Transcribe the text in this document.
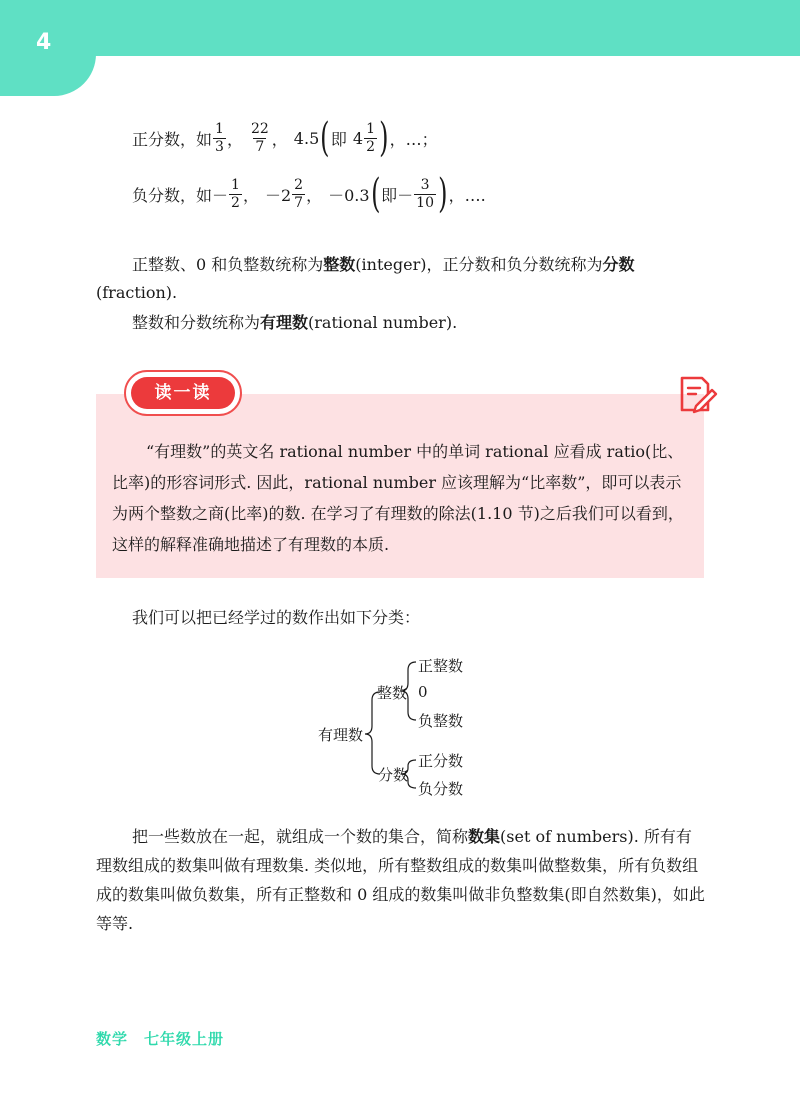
4
正分数，如 $\frac{1}{3}$ ， $\frac{22}{7}$ ， 4.5 ( 即 $4 \frac{1}{2}$ ) ，…；
负分数，如 － $\frac{1}{2}$ ， $-2 \frac{2}{7}$ ， －0.3 ( 即－ $\frac{3}{10}$ ) ，….

正整数、0 和负整数统称为整数(integer)，正分数和负分数统称为分数(fraction).

整数和分数统称为有理数(rational number).

读一读

“有理数”的英文名 rational number 中的单词 rational 应看成 ratio(比、比率)的形容词形式. 因此，rational number 应该理解为“比率数”，即可以表示为两个整数之商(比率)的数. 在学习了有理数的除法(1.10 节)之后我们可以看到，这样的解释准确地描述了有理数的本质.

我们可以把已经学过的数作出如下分类：

有理数
整数
正整数
0
负整数
分数
正分数
负分数

把一些数放在一起，就组成一个数的集合，简称数集(set of numbers). 所有有理数组成的数集叫做有理数集. 类似地，所有整数组成的数集叫做整数集，所有负数组成的数集叫做负数集，所有正整数和 0 组成的数集叫做非负整数集(即自然数集)，如此等等.

数学 七年级上册
